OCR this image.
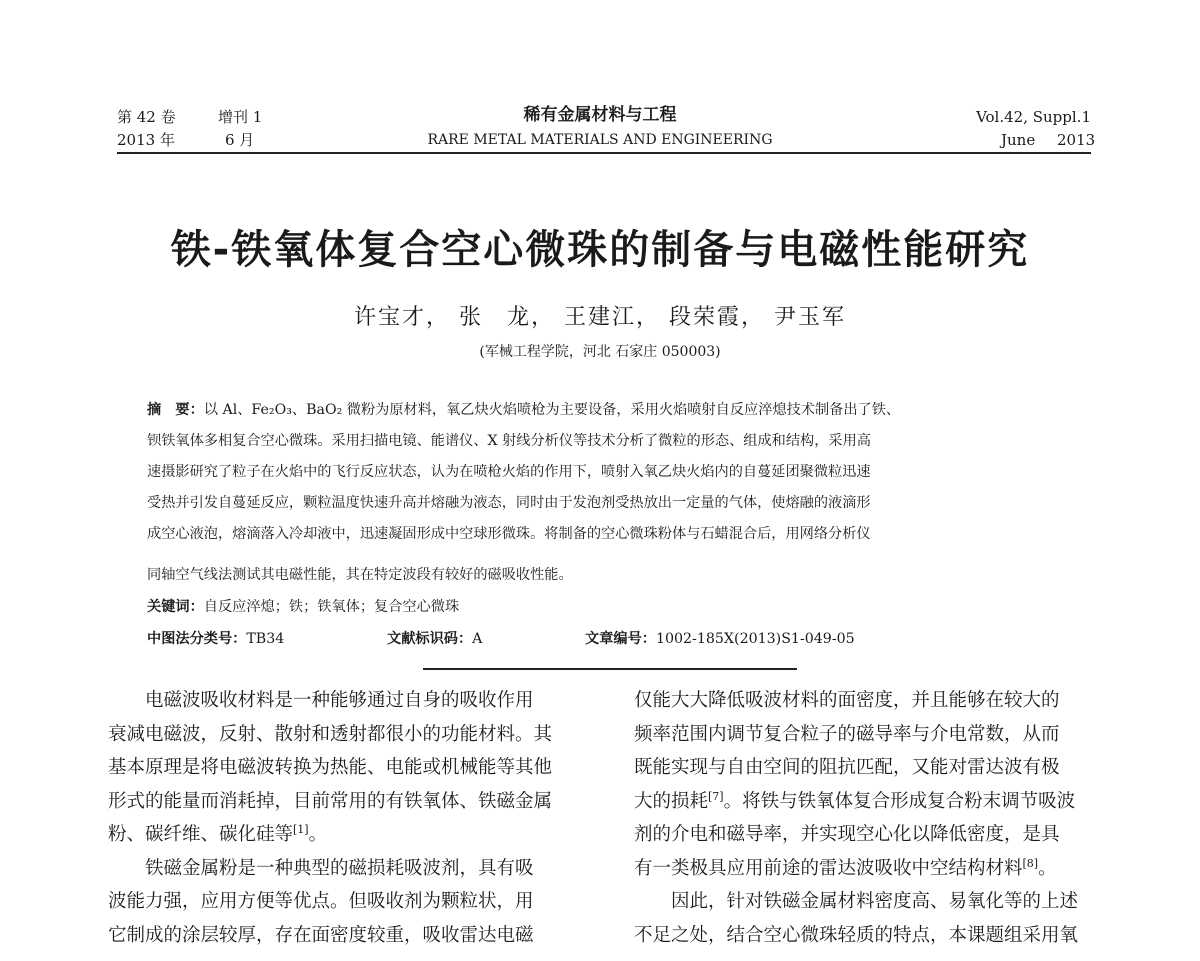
第 42 卷	增刊 1
2013 年	6 月
稀有金属材料与工程
RARE METAL MATERIALS AND ENGINEERING
Vol.42, Suppl.1
June 2013
铁-铁氧体复合空心微珠的制备与电磁性能研究
许宝才， 张　龙， 王建江， 段荣霞， 尹玉军
(军械工程学院，河北 石家庄 050003)
摘　要：以 Al、Fe₂O₃、BaO₂ 微粉为原材料，氧乙炔火焰喷枪为主要设备，采用火焰喷射自反应淬熄技术制备出了铁、
钡铁氧体多相复合空心微珠。采用扫描电镜、能谱仪、X 射线分析仪等技术分析了微粒的形态、组成和结构，采用高
速摄影研究了粒子在火焰中的飞行反应状态，认为在喷枪火焰的作用下，喷射入氧乙炔火焰内的自蔓延团聚微粒迅速
受热并引发自蔓延反应，颗粒温度快速升高并熔融为液态，同时由于发泡剂受热放出一定量的气体，使熔融的液滴形
成空心液泡，熔滴落入冷却液中，迅速凝固形成中空球形微珠。将制备的空心微珠粉体与石蜡混合后，用网络分析仪
同轴空气线法测试其电磁性能，其在特定波段有较好的磁吸收性能。
关键词：自反应淬熄；铁；铁氧体；复合空心微珠
中图法分类号：TB34	文献标识码：A	文章编号：1002-185X(2013)S1-049-05
　　电磁波吸收材料是一种能够通过自身的吸收作用
衰减电磁波，反射、散射和透射都很小的功能材料。其
基本原理是将电磁波转换为热能、电能或机械能等其他
形式的能量而消耗掉，目前常用的有铁氧体、铁磁金属
粉、碳纤维、碳化硅等[1]。
　　铁磁金属粉是一种典型的磁损耗吸波剂，具有吸
波能力强，应用方便等优点。但吸收剂为颗粒状，用
它制成的涂层较厚，存在面密度较重，吸收雷达电磁
仅能大大降低吸波材料的面密度，并且能够在较大的
频率范围内调节复合粒子的磁导率与介电常数，从而
既能实现与自由空间的阻抗匹配，又能对雷达波有极
大的损耗[7]。将铁与铁氧体复合形成复合粉末调节吸波
剂的介电和磁导率，并实现空心化以降低密度，是具
有一类极具应用前途的雷达波吸收中空结构材料[8]。
　　因此，针对铁磁金属材料密度高、易氧化等的上述
不足之处，结合空心微珠轻质的特点，本课题组采用氧
